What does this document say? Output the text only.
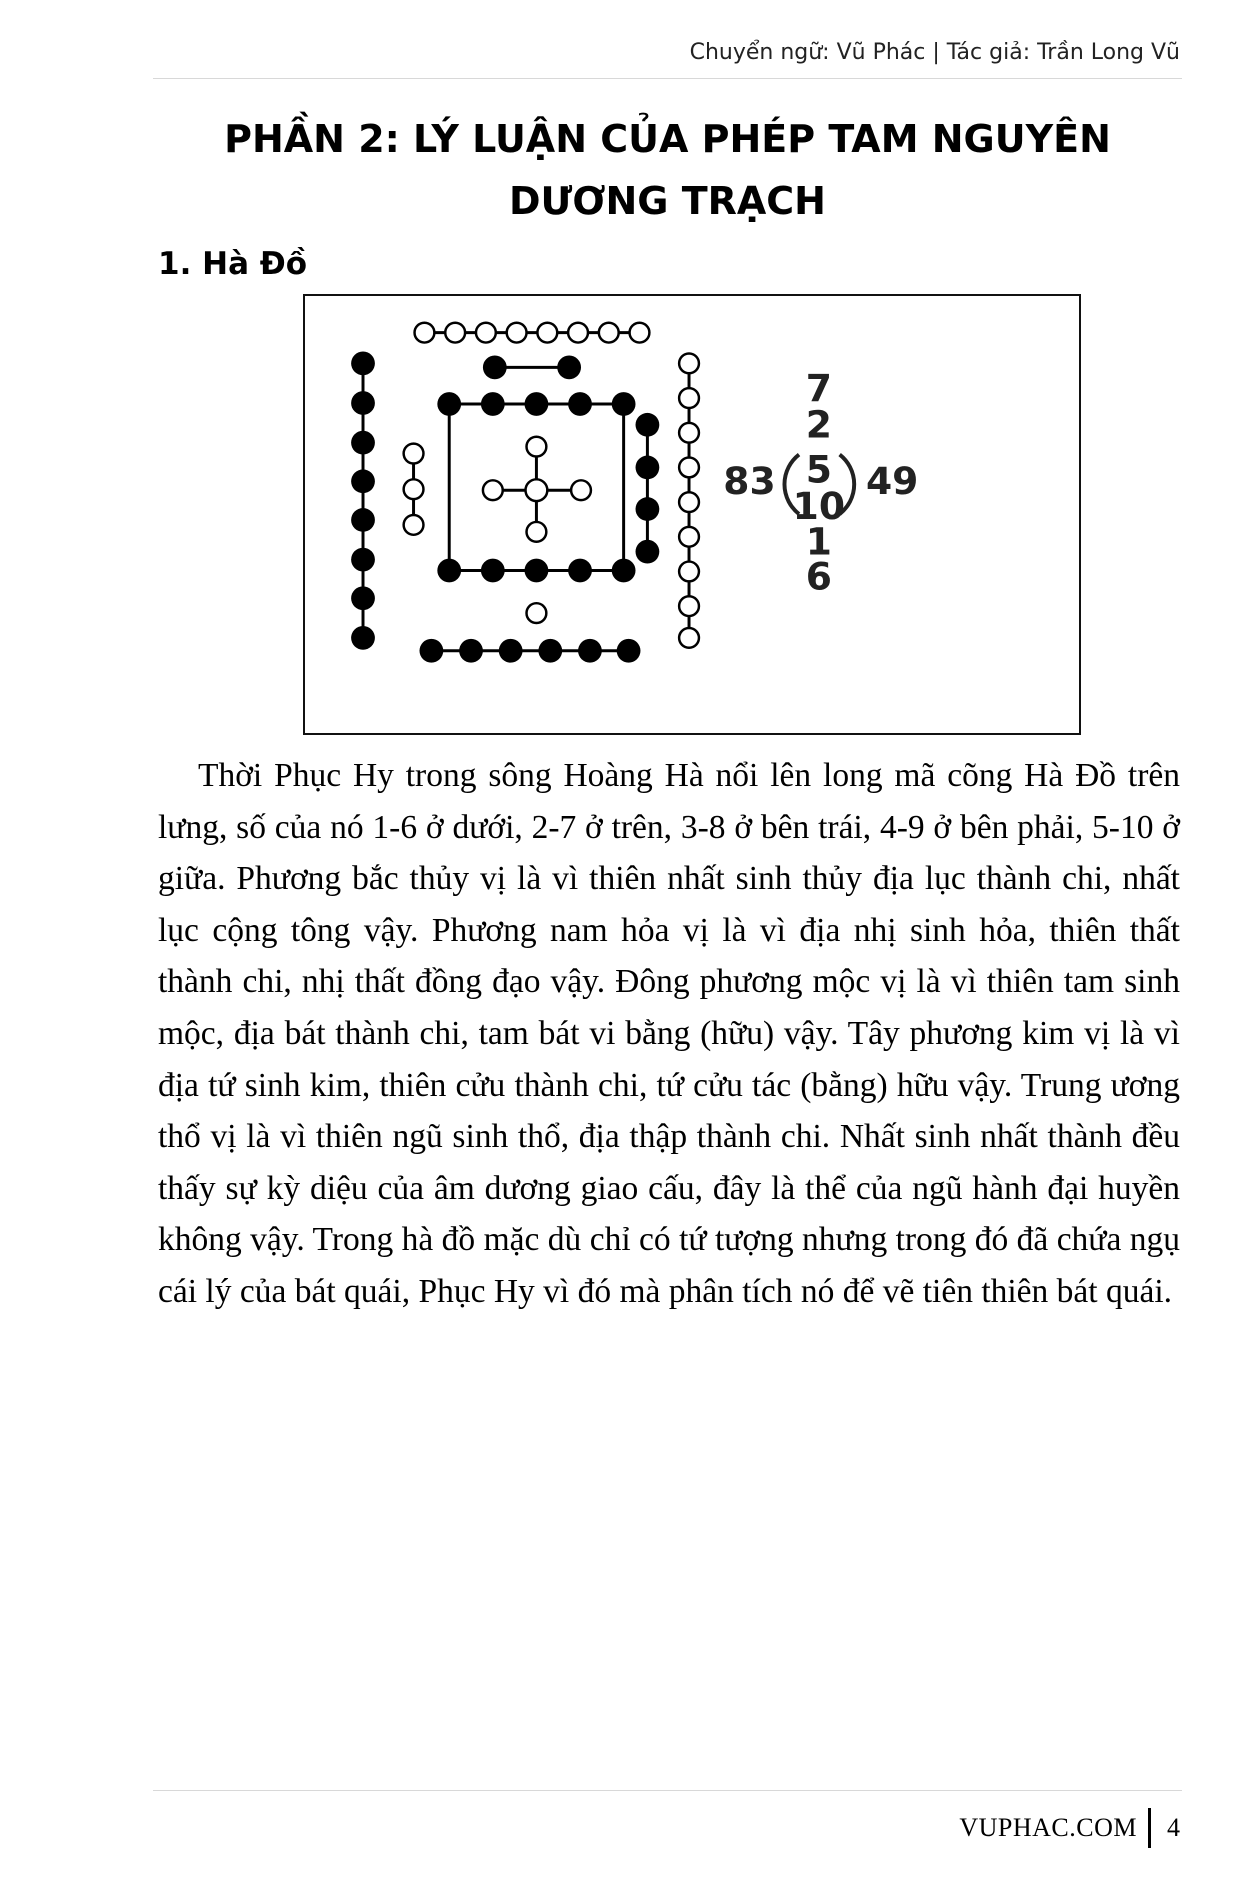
Chuyển ngữ: Vũ Phác | Tác giả: Trần Long Vũ
PHẦN 2: LÝ LUẬN CỦA PHÉP TAM NGUYÊN
DƯƠNG TRẠCH
1. Hà Đồ
7
2
83 5
10
49
1
6

Thời Phục Hy trong sông Hoàng Hà nổi lên long mã cõng Hà Đồ trên lưng, số của nó 1-6 ở dưới, 2-7 ở trên, 3-8 ở bên trái, 4-9 ở bên phải, 5-10 ở giữa. Phương bắc thủy vị là vì thiên nhất sinh thủy địa lục thành chi, nhất lục cộng tông vậy. Phương nam hỏa vị là vì địa nhị sinh hỏa, thiên thất thành chi, nhị thất đồng đạo vậy. Đông phương mộc vị là vì thiên tam sinh mộc, địa bát thành chi, tam bát vi bằng (hữu) vậy. Tây phương kim vị là vì địa tứ sinh kim, thiên cửu thành chi, tứ cửu tác (bằng) hữu vậy. Trung ương thổ vị là vì thiên ngũ sinh thổ, địa thập thành chi. Nhất sinh nhất thành đều thấy sự kỳ diệu của âm dương giao cấu, đây là thể của ngũ hành đại huyền không vậy. Trong hà đồ mặc dù chỉ có tứ tượng nhưng trong đó đã chứa ngụ cái lý của bát quái, Phục Hy vì đó mà phân tích nó để vẽ tiên thiên bát quái.

VUPHAC.COM 4
